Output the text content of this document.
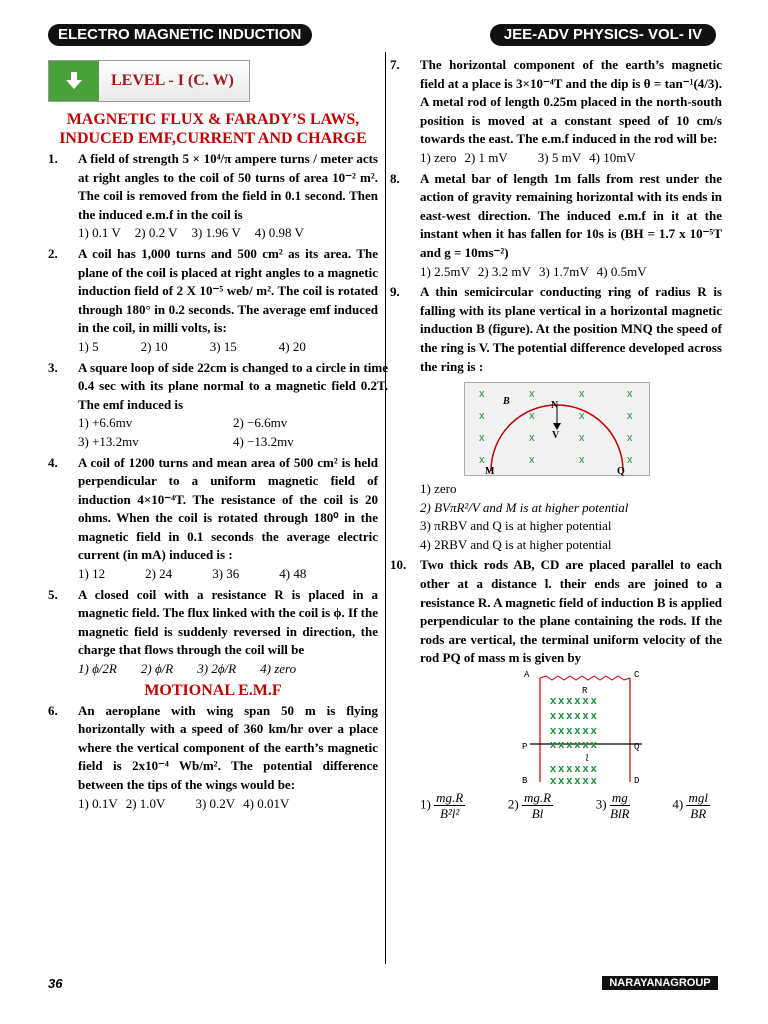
ELECTRO MAGNETIC INDUCTION	JEE-ADV PHYSICS- VOL- IV
LEVEL - I (C. W)
MAGNETIC FLUX & FARADY’S LAWS, INDUCED EMF,CURRENT AND CHARGE
1.	A field of strength 5 × 10⁴/π ampere turns / meter acts at right angles to the coil of 50 turns of area 10⁻² m². The coil is removed from the field in 0.1 second. Then the induced e.m.f in the coil is
1) 0.1 V 2) 0.2 V 3) 1.96 V 4) 0.98 V
2.	A coil has 1,000 turns and 500 cm² as its area. The plane of the coil is placed at right angles to a magnetic induction field of 2 X 10⁻⁵ web/ m². The coil is rotated through 180° in 0.2 seconds. The average emf induced in the coil, in milli volts, is:
1) 5	2) 10	3) 15	4) 20
3.	A square loop of side 22cm is changed to a circle in time 0.4 sec with its plane normal to a magnetic field 0.2T. The emf induced is
1) +6.6mv	2) −6.6mv
3) +13.2mv	4) −13.2mv
4.	A coil of 1200 turns and mean area of 500 cm² is held perpendicular to a uniform magnetic field of induction 4×10⁻⁴T. The resistance of the coil is 20 ohms. When the coil is rotated through 180⁰ in the magnetic field in 0.1 seconds the average electric current (in mA) induced is :
1) 12	2) 24	3) 36	4) 48
5.	A closed coil with a resistance R is placed in a magnetic field. The flux linked with the coil is ϕ. If the magnetic field is suddenly reversed in direction, the charge that flows through the coil will be
1) ϕ/2R 2) ϕ/R 3) 2ϕ/R 4) zero
MOTIONAL E.M.F
6.	An aeroplane with wing span 50 m is flying horizontally with a speed of 360 km/hr over a place where the vertical component of the earth’s magnetic field is 2x10⁻⁴ Wb/m². The potential difference between the tips of the wings would be:
1) 0.1V 2) 1.0V 3) 0.2V 4) 0.01V
7.	The horizontal component of the earth’s magnetic field at a place is 3×10⁻⁴T and the dip is θ = tan⁻¹(4/3). A metal rod of length 0.25m placed in the north-south position is moved at a constant speed of 10 cm/s towards the east. The e.m.f induced in the rod will be:
1) zero 2) 1 mV 3) 5 mV 4) 10mV
8.	A metal bar of length 1m falls from rest under the action of gravity remaining horizontal with its ends in east-west direction. The induced e.m.f in it at the instant when it has fallen for 10s is (BH = 1.7 x 10⁻⁵T and g = 10ms⁻²)
1) 2.5mV 2) 3.2 mV 3) 1.7mV 4) 0.5mV
9.	A thin semicircular conducting ring of radius R is falling with its plane vertical in a horizontal magnetic induction B (figure). At the position MNQ the speed of the ring is V. The potential difference developed across the ring is :
x	x	x	x
x	x	x	x
x	x	x	x
x	x	x	x
B	N
V
M	Q
1) zero
2) BVπR²/V and M is at higher potential
3) πRBV and Q is at higher potential
4) 2RBV and Q is at higher potential
10.	Two thick rods AB, CD are placed parallel to each other at a distance l. their ends are joined to a resistance R. A magnetic field of induction B is applied perpendicular to the plane containing the rods. If the rods are vertical, the terminal uniform velocity of the rod PQ of mass m is given by
A	C
R
xxxxxx
xxxxxx
xxxxxx
xxxxxx
P	Q
l
xxxxxx
xxxxxx
B	D
$1) \frac{mg.R}{\text{B²l²}}$	$2) \frac{mg.R}{Bl}$	$3) \frac{mg}{\text{BlR}}$	$4) \frac{\text{mgl}}{BR}$
36	NARAYANAGROUP
